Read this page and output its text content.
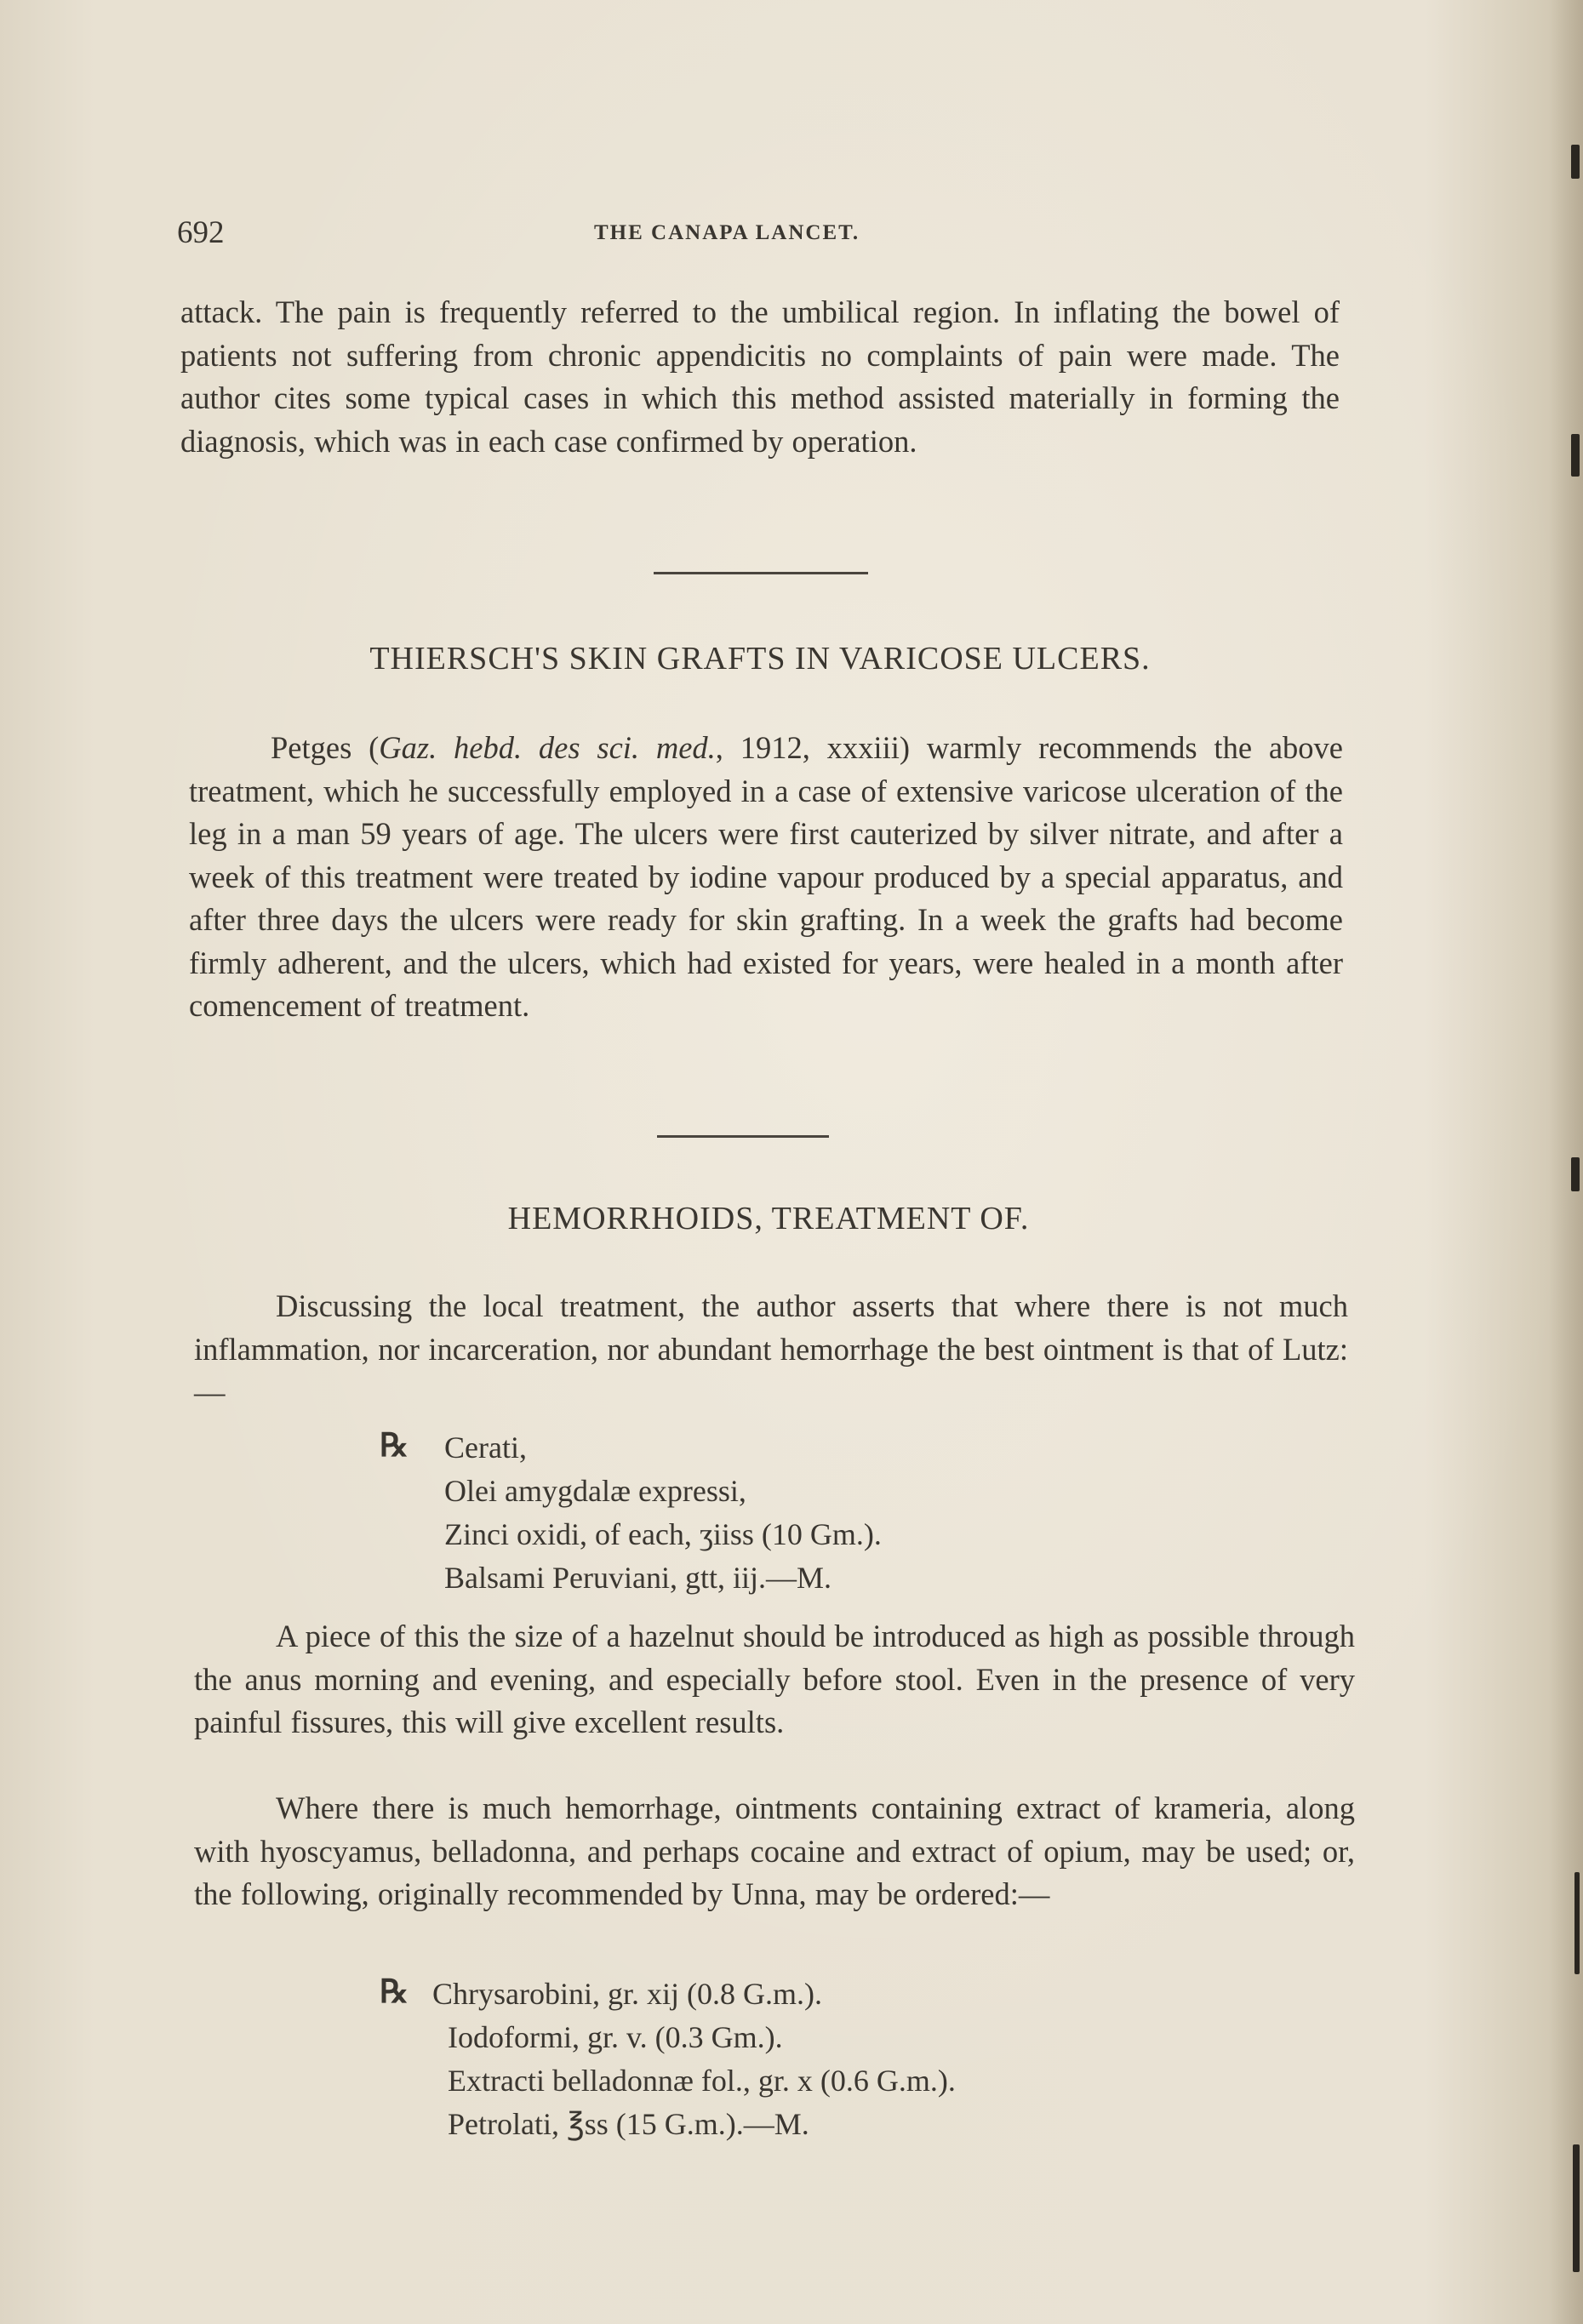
692	THE CANAPA LANCET.

attack. The pain is frequently referred to the umbilical region. In inflating the bowel of patients not suffering from chronic appendicitis no complaints of pain were made. The author cites some typical cases in which this method assisted materially in forming the diagnosis, which was in each case confirmed by operation.

THIERSCH'S SKIN GRAFTS IN VARICOSE ULCERS.

Petges (Gaz. hebd. des sci. med., 1912, xxxiii) warmly recommends the above treatment, which he successfully employed in a case of extensive varicose ulceration of the leg in a man 59 years of age. The ulcers were first cauterized by silver nitrate, and after a week of this treatment were treated by iodine vapour produced by a special apparatus, and after three days the ulcers were ready for skin grafting. In a week the grafts had become firmly adherent, and the ulcers, which had existed for years, were healed in a month after comencement of treatment.

HEMORRHOIDS, TREATMENT OF.

Discussing the local treatment, the author asserts that where there is not much inflammation, nor incarceration, nor abundant hemorrhage the best ointment is that of Lutz:—

℞ Cerati,
Olei amygdalæ expressi,
Zinci oxidi, of each, ʒiiss (10 Gm.).
Balsami Peruviani, gtt, iij.—M.

A piece of this the size of a hazelnut should be introduced as high as possible through the anus morning and evening, and especially before stool. Even in the presence of very painful fissures, this will give excellent results.

Where there is much hemorrhage, ointments containing extract of krameria, along with hyoscyamus, belladonna, and perhaps cocaine and extract of opium, may be used; or, the following, originally recommended by Unna, may be ordered:—

℞ Chrysarobini, gr. xij (0.8 G.m.).
Iodoformi, gr. v. (0.3 Gm.).
Extracti belladonnæ fol., gr. x (0.6 G.m.).
Petrolati, ℥ss (15 G.m.).—M.
